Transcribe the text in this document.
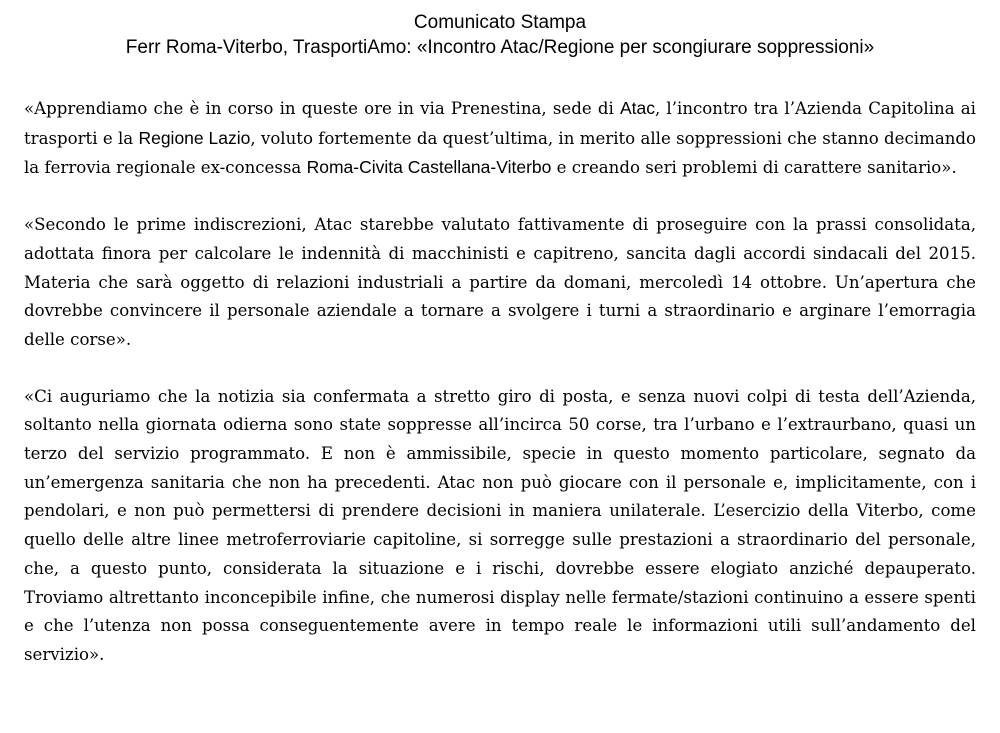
Comunicato Stampa
Ferr Roma-Viterbo, TrasportiAmo: «Incontro Atac/Regione per scongiurare soppressioni»

«Apprendiamo che è in corso in queste ore in via Prenestina, sede di Atac, l’incontro tra l’Azienda Capitolina ai trasporti e la Regione Lazio, voluto fortemente da quest’ultima, in merito alle soppressioni che stanno decimando la ferrovia regionale ex-concessa Roma-Civita Castellana-Viterbo e creando seri problemi di carattere sanitario».

«Secondo le prime indiscrezioni, Atac starebbe valutato fattivamente di proseguire con la prassi consolidata, adottata finora per calcolare le indennità di macchinisti e capitreno, sancita dagli accordi sindacali del 2015. Materia che sarà oggetto di relazioni industriali a partire da domani, mercoledì 14 ottobre. Un’apertura che dovrebbe convincere il personale aziendale a tornare a svolgere i turni a straordinario e arginare l’emorragia delle corse».

«Ci auguriamo che la notizia sia confermata a stretto giro di posta, e senza nuovi colpi di testa dell’Azienda, soltanto nella giornata odierna sono state soppresse all’incirca 50 corse, tra l’urbano e l’extraurbano, quasi un terzo del servizio programmato. E non è ammissibile, specie in questo momento particolare, segnato da un’emergenza sanitaria che non ha precedenti. Atac non può giocare con il personale e, implicitamente, con i pendolari, e non può permettersi di prendere decisioni in maniera unilaterale. L’esercizio della Viterbo, come quello delle altre linee metroferroviarie capitoline, si sorregge sulle prestazioni a straordinario del personale, che, a questo punto, considerata la situazione e i rischi, dovrebbe essere elogiato anziché depauperato. Troviamo altrettanto inconcepibile infine, che numerosi display nelle fermate/stazioni continuino a essere spenti e che l’utenza non possa conseguentemente avere in tempo reale le informazioni utili sull’andamento del servizio».
